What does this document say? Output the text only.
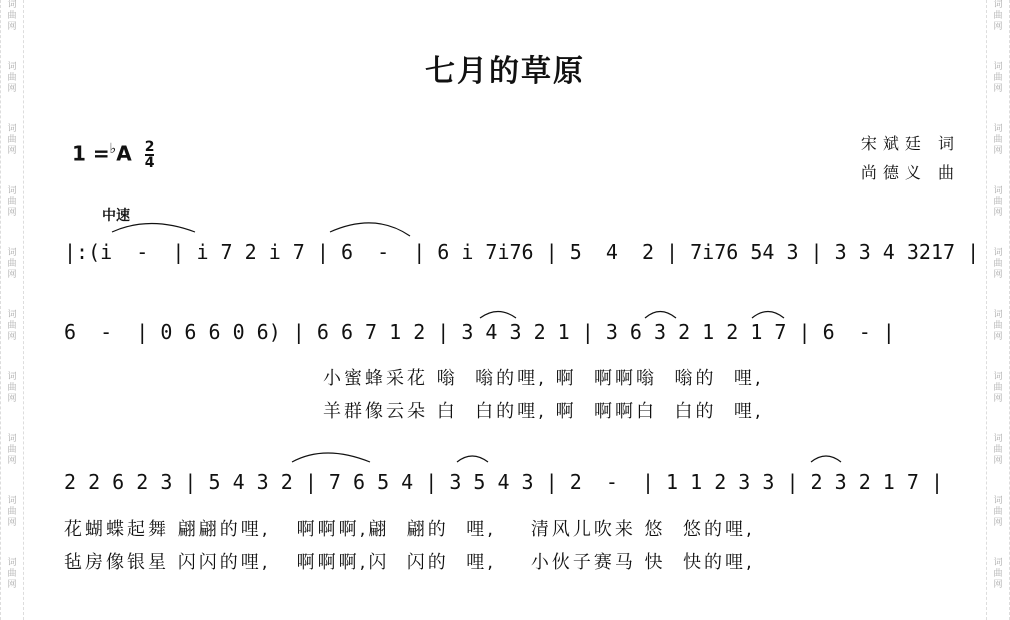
词
曲
网
词
曲
网
词
曲
网
词
曲
网
词
曲
网
词
曲
网
词
曲
网
词
曲
网
词
曲
网
词
曲
网
词
曲
网
词
曲
网
词
曲
网
词
曲
网
词
曲
网
词
曲
网
词
曲
网
词
曲
网
词
曲
网
词
曲
网
七月的草原
$1 =^♭A \frac{2}{4}$	宋斌廷 词
尚德义 曲
中速
|:(i  -  | i 7 2 i 7 | 6  -  | 6 i 7i76 | 5  4  2 | 7i76 54 3 | 3 3 4 3217 |
6  -  | 0 6 6 0 6) | 6 6 7 1 2 | 3 4 3 2 1 | 3 6 3 2 1 2 1 7 | 6  - |
2 2 6 2 3 | 5 4 3 2 | 7 6 5 4 | 3 5 4 3 | 2  -  | 1 1 2 3 3 | 2 3 2 1 7 |
小蜜蜂采花 嗡  嗡的哩, 啊  啊啊嗡  嗡的  哩,
羊群像云朵 白  白的哩, 啊  啊啊白  白的  哩,
花蝴蝶起舞 翩翩的哩,   啊啊啊,翩  翩的  哩,    清风儿吹来 悠  悠的哩,
毡房像银星 闪闪的哩,   啊啊啊,闪  闪的  哩,    小伙子赛马 快  快的哩,
